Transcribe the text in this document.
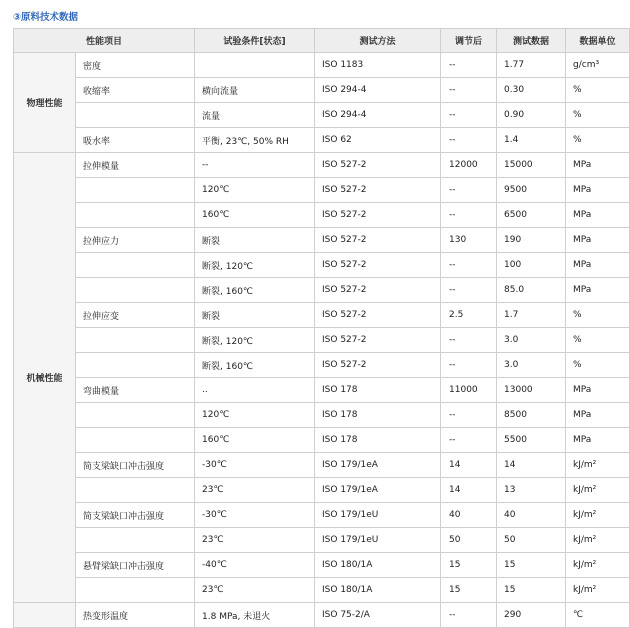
③原料技术数据
性能项目		试验条件[状态]	测试方法	调节后	测试数据	数据单位
物理性能	密度		ISO 1183	--	1.77	g/cm³
	收缩率	横向流量	ISO 294-4	--	0.30	%
		流量	ISO 294-4	--	0.90	%
	吸水率	平衡, 23℃, 50% RH	ISO 62	--	1.4	%
机械性能	拉伸模量	--	ISO 527-2	12000	15000	MPa
		120℃	ISO 527-2	--	9500	MPa
		160℃	ISO 527-2	--	6500	MPa
	拉伸应力	断裂	ISO 527-2	130	190	MPa
		断裂, 120℃	ISO 527-2	--	100	MPa
		断裂, 160℃	ISO 527-2	--	85.0	MPa
	拉伸应变	断裂	ISO 527-2	2.5	1.7	%
		断裂, 120℃	ISO 527-2	--	3.0	%
		断裂, 160℃	ISO 527-2	--	3.0	%
	弯曲模量	..	ISO 178	11000	13000	MPa
		120℃	ISO 178	--	8500	MPa
		160℃	ISO 178	--	5500	MPa
	简支梁缺口冲击强度	-30℃	ISO 179/1eA	14	14	kJ/m²
		23℃	ISO 179/1eA	14	13	kJ/m²
	简支梁缺口冲击强度	-30℃	ISO 179/1eU	40	40	kJ/m²
		23℃	ISO 179/1eU	50	50	kJ/m²
	悬臂梁缺口冲击强度	-40℃	ISO 180/1A	15	15	kJ/m²
		23℃	ISO 180/1A	15	15	kJ/m²
	热变形温度	1.8 MPa, 未退火	ISO 75-2/A	--	290	℃
